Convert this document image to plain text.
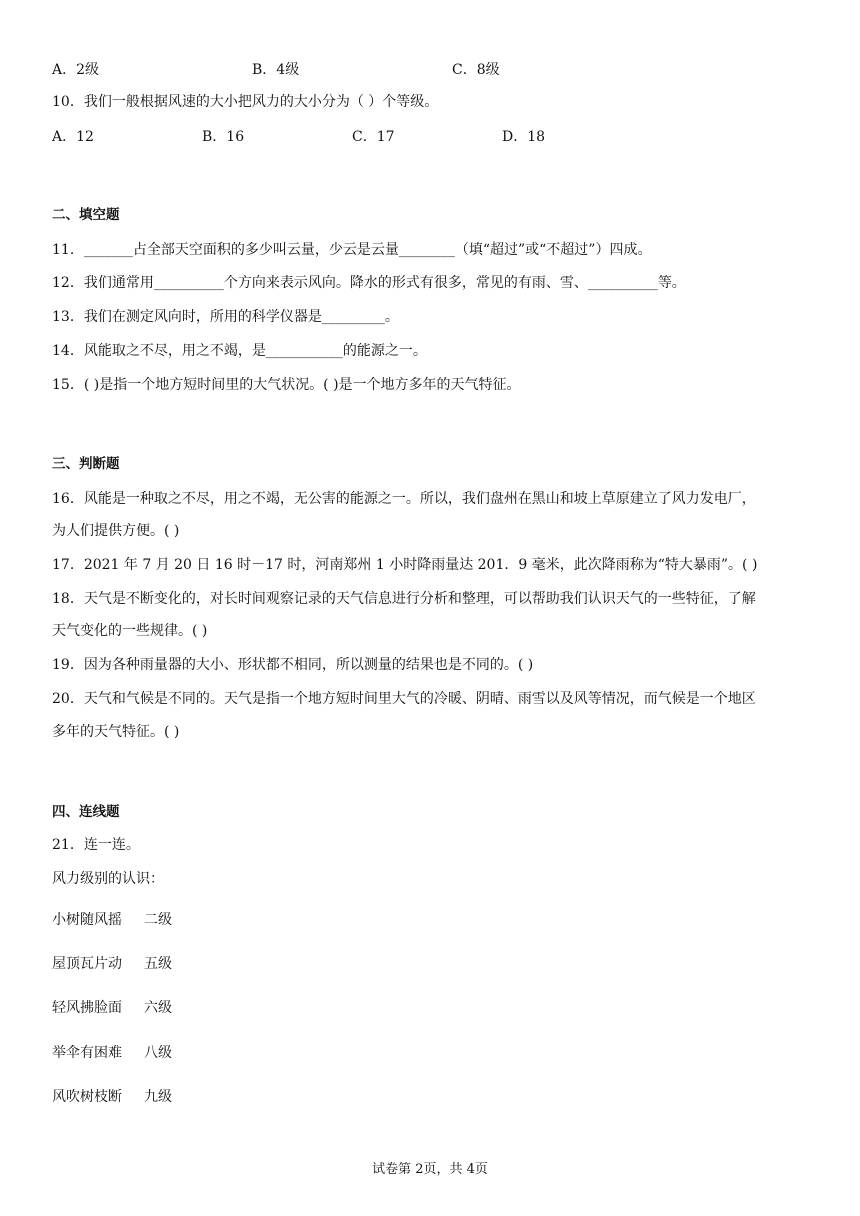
A．2级	B．4级	C．8级
10．我们一般根据风速的大小把风力的大小分为（ ）个等级。
A．12	B．16	C．17	D．18
二、填空题
11．_______占全部天空面积的多少叫云量，少云是云量________（填“超过”或“不超过”）四成。
12．我们通常用__________个方向来表示风向。降水的形式有很多，常见的有雨、雪、__________等。
13．我们在测定风向时，所用的科学仪器是_________。
14．风能取之不尽，用之不竭，是___________的能源之一。
15．( )是指一个地方短时间里的大气状况。( )是一个地方多年的天气特征。
三、判断题
16．风能是一种取之不尽，用之不竭，无公害的能源之一。所以，我们盘州在黑山和坡上草原建立了风力发电厂，
为人们提供方便。( )
17．2021 年 7 月 20 日 16 时－17 时，河南郑州 1 小时降雨量达 201．9 毫米，此次降雨称为“特大暴雨”。( )
18．天气是不断变化的，对长时间观察记录的天气信息进行分析和整理，可以帮助我们认识天气的一些特征，了解
天气变化的一些规律。( )
19．因为各种雨量器的大小、形状都不相同，所以测量的结果也是不同的。( )
20．天气和气候是不同的。天气是指一个地方短时间里大气的冷暖、阴晴、雨雪以及风等情况，而气候是一个地区
多年的天气特征。( )
四、连线题
21．连一连。
风力级别的认识：
小树随风摇 二级
屋顶瓦片动 五级
轻风拂脸面 六级
举伞有困难 八级
风吹树枝断 九级
试卷第 2页，共 4页
